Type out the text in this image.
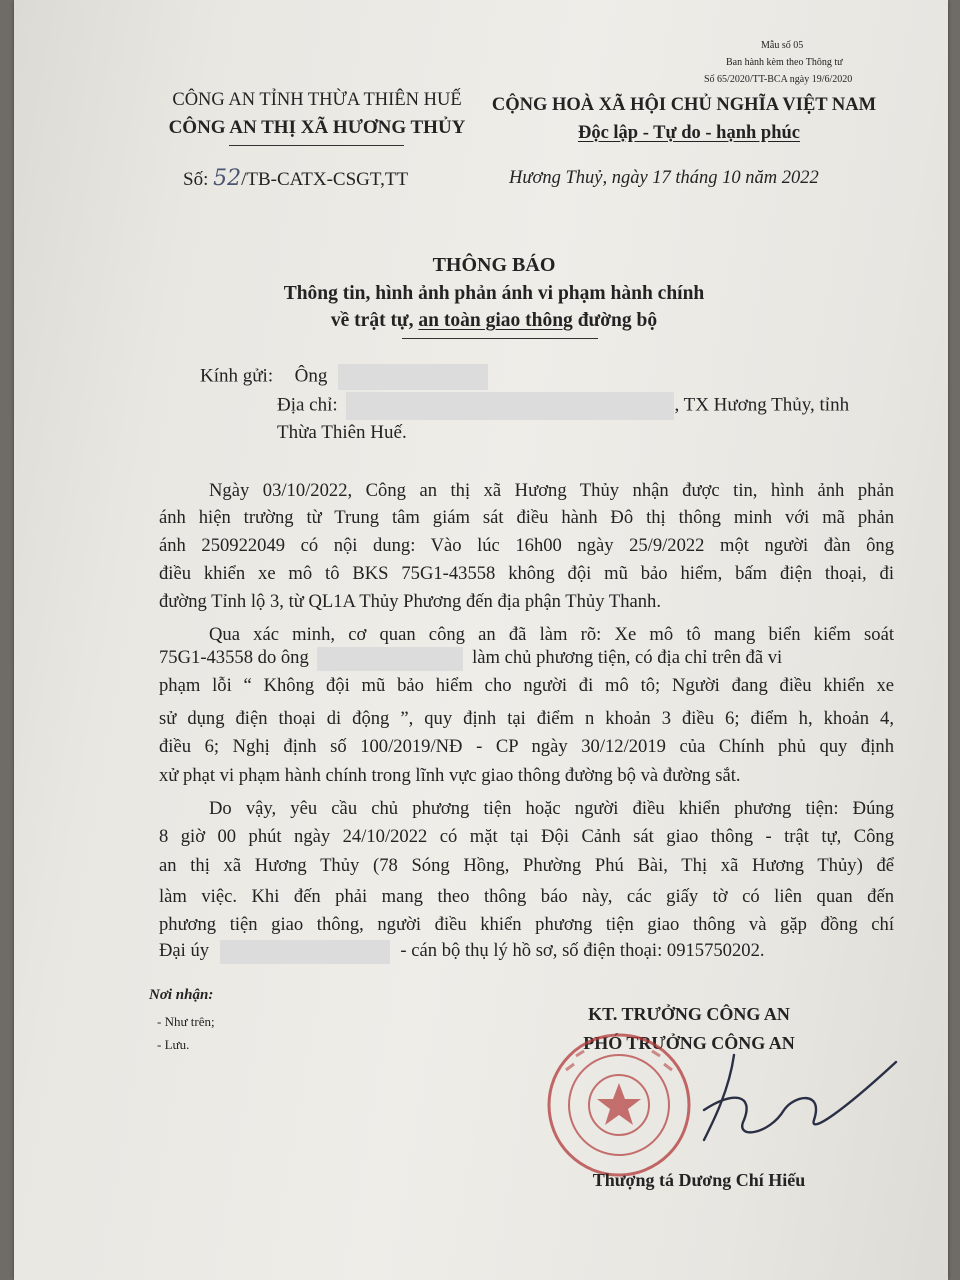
Mẫu số 05
Ban hành kèm theo Thông tư
Số 65/2020/TT-BCA ngày 19/6/2020
CÔNG AN TỈNH THỪA THIÊN HUẾ
CÔNG AN THỊ XÃ HƯƠNG THỦY
Số: 52/TB-CATX-CSGT,TT
CỘNG HOÀ XÃ HỘI CHỦ NGHĨA VIỆT NAM
Độc lập - Tự do - hạnh phúc
Hương Thuỷ, ngày 17 tháng 10 năm 2022
THÔNG BÁO
Thông tin, hình ảnh phản ánh vi phạm hành chính
về trật tự, an toàn giao thông đường bộ
Kính gửi: Ông
Địa chỉ:	, TX Hương Thủy, tỉnh
Thừa Thiên Huế.
Ngày 03/10/2022, Công an thị xã Hương Thủy nhận được tin, hình ảnh phản
ánh hiện trường từ Trung tâm giám sát điều hành Đô thị thông minh với mã phản
ánh 250922049 có nội dung: Vào lúc 16h00 ngày 25/9/2022 một người đàn ông
điều khiển xe mô tô BKS 75G1-43558 không đội mũ bảo hiểm, bấm điện thoại, đi
đường Tỉnh lộ 3, từ QL1A Thủy Phương đến địa phận Thủy Thanh.
Qua xác minh, cơ quan công an đã làm rõ: Xe mô tô mang biển kiểm soát
75G1-43558 do ông	làm chủ phương tiện, có địa chỉ trên đã vi
phạm lỗi “ Không đội mũ bảo hiểm cho người đi mô tô; Người đang điều khiển xe
sử dụng điện thoại di động ”, quy định tại điểm n khoản 3 điều 6; điểm h, khoản 4,
điều 6; Nghị định số 100/2019/NĐ - CP ngày 30/12/2019 của Chính phủ quy định
xử phạt vi phạm hành chính trong lĩnh vực giao thông đường bộ và đường sắt.
Do vậy, yêu cầu chủ phương tiện hoặc người điều khiển phương tiện: Đúng
8 giờ 00 phút ngày 24/10/2022 có mặt tại Đội Cảnh sát giao thông - trật tự, Công
an thị xã Hương Thủy (78 Sóng Hồng, Phường Phú Bài, Thị xã Hương Thủy) để
làm việc. Khi đến phải mang theo thông báo này, các giấy tờ có liên quan đến
phương tiện giao thông, người điều khiển phương tiện giao thông và gặp đồng chí
Đại úy	- cán bộ thụ lý hồ sơ, số điện thoại: 0915750202.
Nơi nhận:
- Như trên;
- Lưu.
KT. TRƯỞNG CÔNG AN
PHÓ TRƯỞNG CÔNG AN
Thượng tá Dương Chí Hiếu
